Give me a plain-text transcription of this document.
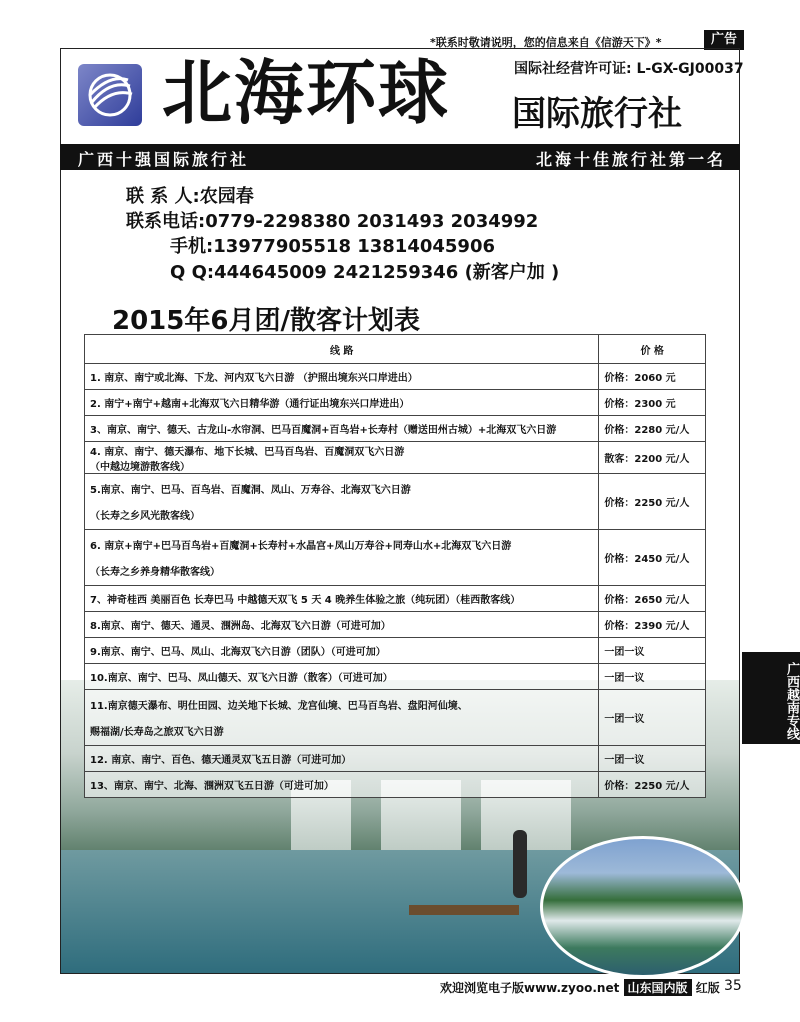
*联系时敬请说明，您的信息来自《信游天下》*	广告
北海环球	国际社经营许可证: L-GX-GJ00037
国际旅行社
广西十强国际旅行社	北海十佳旅行社第一名
联 系 人:农园春
联系电话:0779-2298380 2031493 2034992
手机:13977905518 13814045906
Q Q:444645009 2421259346 (新客户加 )
2015年6月团/散客计划表
线 路	价 格
1. 南京、南宁或北海、下龙、河内双飞六日游 （护照出境东兴口岸进出）	价格：2060 元
2. 南宁+南宁+越南+北海双飞六日精华游（通行证出境东兴口岸进出）	价格：2300 元
3、南京、南宁、德天、古龙山-水帘洞、巴马百魔洞+百鸟岩+长寿村（赠送田州古城）+北海双飞六日游	价格：2280 元/人
4. 南京、南宁、德天瀑布、地下长城、巴马百鸟岩、百魔洞双飞六日游
（中越边境游散客线）	散客：2200 元/人
5.南京、南宁、巴马、百鸟岩、百魔洞、凤山、万寿谷、北海双飞六日游

（长寿之乡风光散客线）	价格：2250 元/人
6. 南京+南宁+巴马百鸟岩+百魔洞+长寿村+水晶宫+凤山万寿谷+同寿山水+北海双飞六日游

（长寿之乡养身精华散客线）	价格：2450 元/人
7、神奇桂西 美丽百色 长寿巴马 中越德天双飞 5 天 4 晚养生体验之旅（纯玩团）（桂西散客线）	价格：2650 元/人
8.南京、南宁、德天、通灵、涠洲岛、北海双飞六日游（可进可加）	价格：2390 元/人
9.南京、南宁、巴马、凤山、北海双飞六日游（团队）（可进可加）	一团一议
10.南京、南宁、巴马、凤山德天、双飞六日游（散客）（可进可加）	一团一议
11.南京德天瀑布、明仕田园、边关地下长城、龙宫仙境、巴马百鸟岩、盘阳河仙境、

赐福湖/长寿岛之旅双飞六日游	一团一议
12. 南京、南宁、百色、德天通灵双飞五日游（可进可加）	一团一议
13、南京、南宁、北海、涠洲双飞五日游（可进可加）	价格：2250 元/人
广西越南专线
欢迎浏览电子版www.zyoo.net 山东国内版 红版 35
